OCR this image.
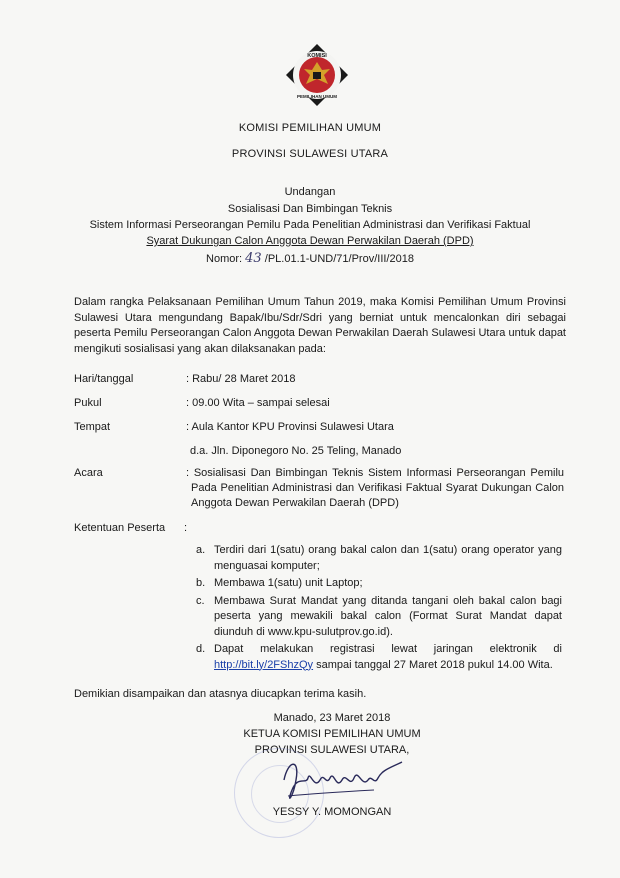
KOMISI
PEMILIHAN UMUM
KOMISI PEMILIHAN UMUM
PROVINSI SULAWESI UTARA
Undangan
Sosialisasi Dan Bimbingan Teknis
Sistem Informasi Perseorangan Pemilu Pada Penelitian Administrasi dan Verifikasi Faktual
Syarat Dukungan Calon Anggota Dewan Perwakilan Daerah (DPD)
Nomor: 43 /PL.01.1-UND/71/Prov/III/2018
Dalam rangka Pelaksanaan Pemilihan Umum Tahun 2019, maka Komisi Pemilihan Umum Provinsi Sulawesi Utara mengundang Bapak/Ibu/Sdr/Sdri yang berniat untuk mencalonkan diri sebagai peserta Pemilu Perseorangan Calon Anggota Dewan Perwakilan Daerah Sulawesi Utara untuk dapat mengikuti sosialisasi yang akan dilaksanakan pada:
Hari/tanggal	: Rabu/ 28 Maret 2018
Pukul	: 09.00 Wita – sampai selesai
Tempat	: Aula Kantor KPU Provinsi Sulawesi Utara
d.a. Jln. Diponegoro No. 25 Teling, Manado
Acara	: Sosialisasi Dan Bimbingan Teknis Sistem Informasi Perseorangan Pemilu Pada Penelitian Administrasi dan Verifikasi Faktual Syarat Dukungan Calon Anggota Dewan Perwakilan Daerah (DPD)
Ketentuan Peserta :
a. Terdiri dari 1(satu) orang bakal calon dan 1(satu) orang operator yang menguasai komputer;
b. Membawa 1(satu) unit Laptop;
c. Membawa Surat Mandat yang ditanda tangani oleh bakal calon bagi peserta yang mewakili bakal calon (Format Surat Mandat dapat diunduh di www.kpu-sulutprov.go.id).
d. Dapat melakukan registrasi lewat jaringan elektronik di http://bit.ly/2FShzQy sampai tanggal 27 Maret 2018 pukul 14.00 Wita.
Demikian disampaikan dan atasnya diucapkan terima kasih.
Manado, 23 Maret 2018
KETUA KOMISI PEMILIHAN UMUM
PROVINSI SULAWESI UTARA,
YESSY Y. MOMONGAN
